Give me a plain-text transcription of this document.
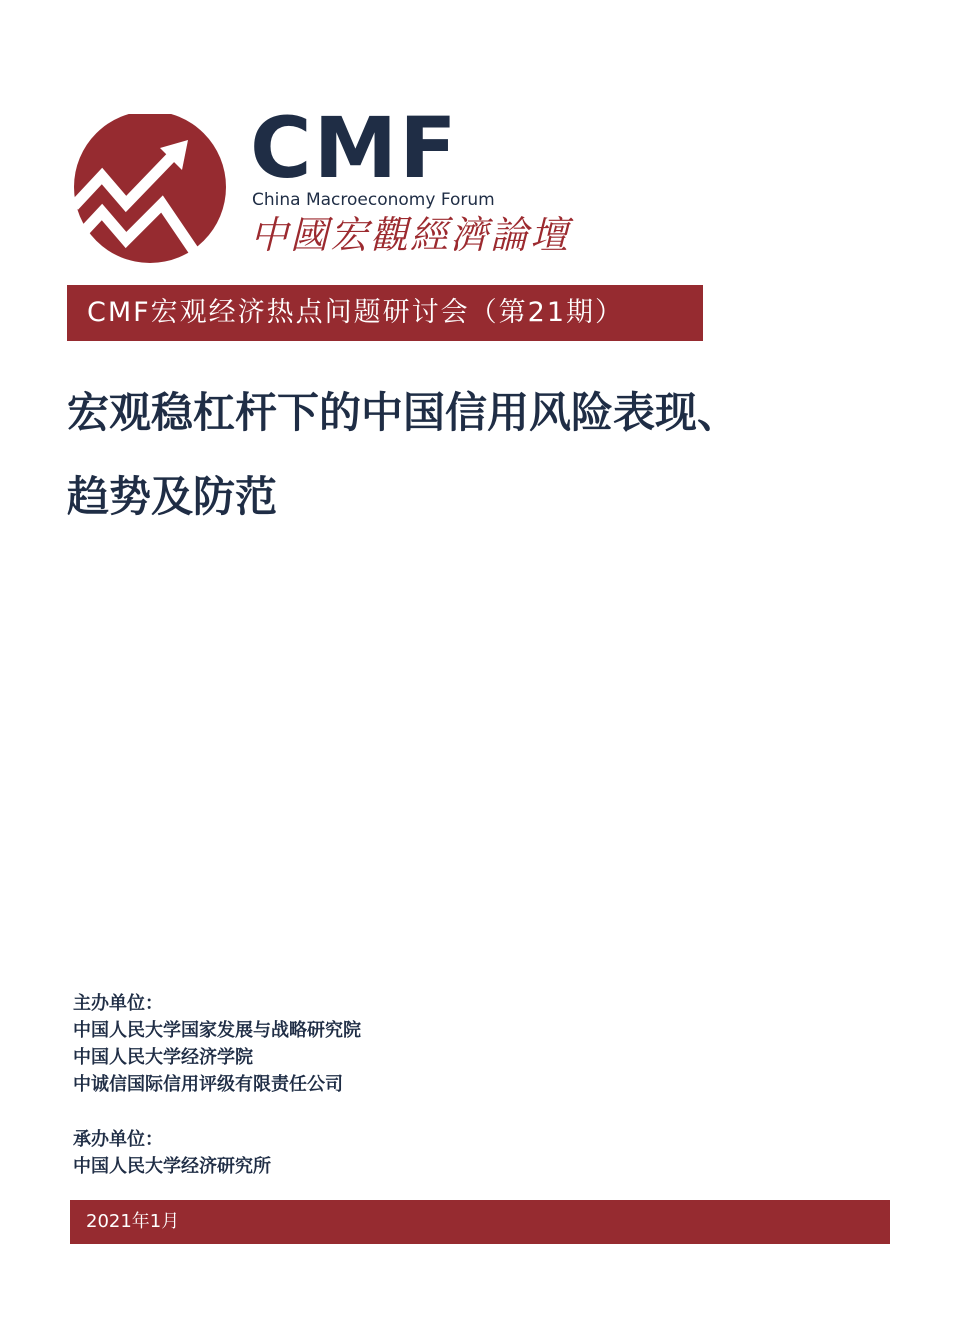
CMF
China Macroeconomy Forum
中國宏觀經濟論壇
CMF宏观经济热点问题研讨会（第21期）
宏观稳杠杆下的中国信用风险表现、
趋势及防范
主办单位：
中国人民大学国家发展与战略研究院
中国人民大学经济学院
中诚信国际信用评级有限责任公司
承办单位：
中国人民大学经济研究所
2021年1月
